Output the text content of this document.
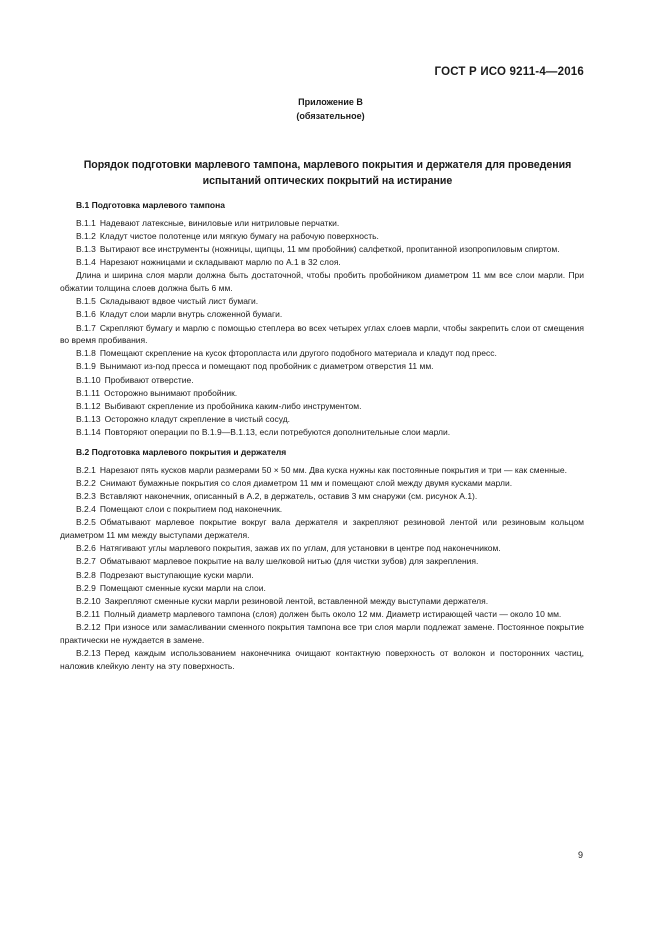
ГОСТ Р ИСО 9211-4—2016
Приложение В
(обязательное)
Порядок подготовки марлевого тампона, марлевого покрытия и держателя для проведения испытаний оптических покрытий на истирание
В.1 Подготовка марлевого тампона
В.1.1 Надевают латексные, виниловые или нитриловые перчатки.
В.1.2 Кладут чистое полотенце или мягкую бумагу на рабочую поверхность.
В.1.3 Вытирают все инструменты (ножницы, щипцы, 11 мм пробойник) салфеткой, пропитанной изопропиловым спиртом.
В.1.4 Нарезают ножницами и складывают марлю по А.1 в 32 слоя.
Длина и ширина слоя марли должна быть достаточной, чтобы пробить пробойником диаметром 11 мм все слои марли. При обжатии толщина слоев должна быть 6 мм.
В.1.5 Складывают вдвое чистый лист бумаги.
В.1.6 Кладут слои марли внутрь сложенной бумаги.
В.1.7 Скрепляют бумагу и марлю с помощью степлера во всех четырех углах слоев марли, чтобы закрепить слои от смещения во время пробивания.
В.1.8 Помещают скрепление на кусок фторопласта или другого подобного материала и кладут под пресс.
В.1.9 Вынимают из-под пресса и помещают под пробойник с диаметром отверстия 11 мм.
В.1.10 Пробивают отверстие.
В.1.11 Осторожно вынимают пробойник.
В.1.12 Выбивают скрепление из пробойника каким-либо инструментом.
В.1.13 Осторожно кладут скрепление в чистый сосуд.
В.1.14 Повторяют операции по В.1.9—В.1.13, если потребуются дополнительные слои марли.
В.2 Подготовка марлевого покрытия и держателя
В.2.1 Нарезают пять кусков марли размерами 50 × 50 мм. Два куска нужны как постоянные покрытия и три — как сменные.
В.2.2 Снимают бумажные покрытия со слоя диаметром 11 мм и помещают слой между двумя кусками марли.
В.2.3 Вставляют наконечник, описанный в А.2, в держатель, оставив 3 мм снаружи (см. рисунок А.1).
В.2.4 Помещают слои с покрытием под наконечник.
В.2.5 Обматывают марлевое покрытие вокруг вала держателя и закрепляют резиновой лентой или резиновым кольцом диаметром 11 мм между выступами держателя.
В.2.6 Натягивают углы марлевого покрытия, зажав их по углам, для установки в центре под наконечником.
В.2.7 Обматывают марлевое покрытие на валу шелковой нитью (для чистки зубов) для закрепления.
В.2.8 Подрезают выступающие куски марли.
В.2.9 Помещают сменные куски марли на слои.
В.2.10 Закрепляют сменные куски марли резиновой лентой, вставленной между выступами держателя.
В.2.11 Полный диаметр марлевого тампона (слоя) должен быть около 12 мм. Диаметр истирающей части — около 10 мм.
В.2.12 При износе или замасливании сменного покрытия тампона все три слоя марли подлежат замене. Постоянное покрытие практически не нуждается в замене.
В.2.13 Перед каждым использованием наконечника очищают контактную поверхность от волокон и посторонних частиц, наложив клейкую ленту на эту поверхность.
9
